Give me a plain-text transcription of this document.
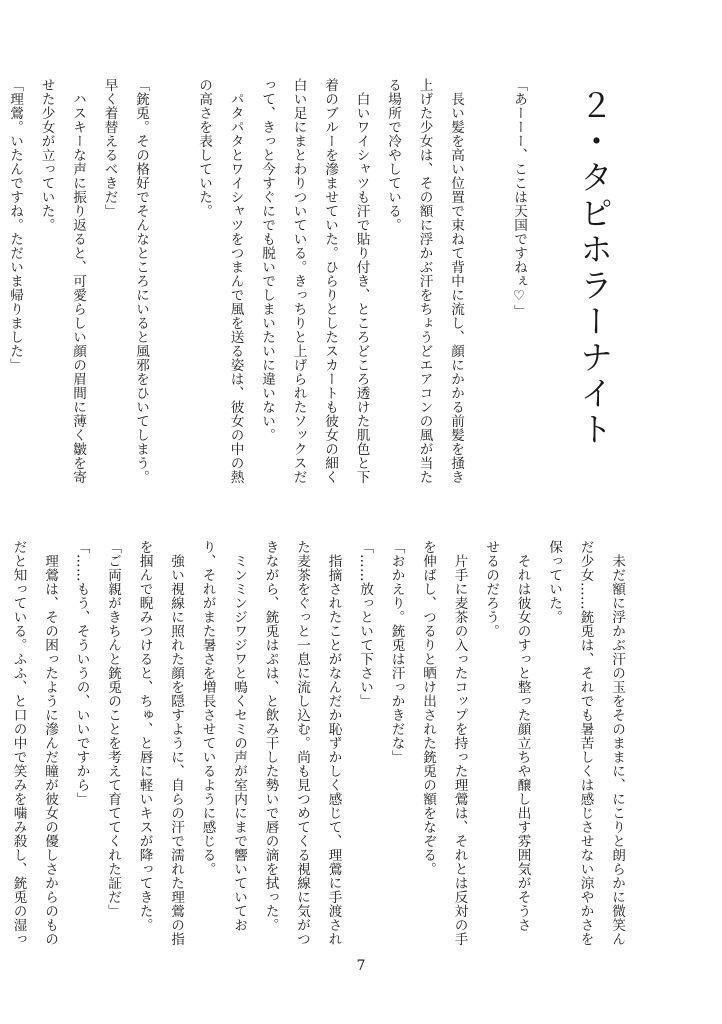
２・タピホラーナイト

「あーーー、ここは天国ですねぇ♡」

　長い髪を高い位置で束ねて背中に流し、顔にかかる前髪を掻き

上げた少女は、その額に浮かぶ汗をちょうどエアコンの風が当た

る場所で冷やしている。

　白いワイシャツも汗で貼り付き、ところどころ透けた肌色と下

着のブルーを滲ませていた。ひらりとしたスカートも彼女の細く

白い足にまとわりついている。きっちりと上げられたソックスだ

って、きっと今すぐにでも脱いでしまいたいに違いない。

　パタパタとワイシャツをつまんで風を送る姿は、彼女の中の熱

の高さを表していた。

「銃兎。その格好でそんなところにいると風邪をひいてしまう。

早く着替えるべきだ」

　ハスキーな声に振り返ると、可愛らしい顔の眉間に薄く皺を寄

せた少女が立っていた。

「理鶯。いたんですね。ただいま帰りました」

　未だ額に浮かぶ汗の玉をそのままに、にこりと朗らかに微笑ん

だ少女……銃兎は、それでも暑苦しくは感じさせない涼やかさを

保っていた。

　それは彼女のすっと整った顔立ちや醸し出す雰囲気がそうさ

せるのだろう。

　片手に麦茶の入ったコップを持った理鶯は、それとは反対の手

を伸ばし、つるりと晒け出された銃兎の額をなぞる。

「おかえり。銃兎は汗っかきだな」

「……放っといて下さい」

　指摘されたことがなんだか恥ずかしく感じて、理鶯に手渡され

た麦茶をぐっと一息に流し込む。尚も見つめてくる視線に気がつ

きながら、銃兎はぷは、と飲み干した勢いで唇の滴を拭った。

　ミンミンジワジワと鳴くセミの声が室内にまで響いていてお

り、それがまた暑さを増長させているように感じる。

　強い視線に照れた顔を隠すように、自らの汗で濡れた理鶯の指

を掴んで睨みつけると、ちゅ、と唇に軽いキスが降ってきた。

「ご両親がきちんと銃兎のことを考えて育ててくれた証だ」

「……もう、そういうの、いいですから」

　理鶯は、その困ったように滲んだ瞳が彼女の優しさからのもの

だと知っている。ふふ、と口の中で笑みを噛み殺し、銃兎の湿っ

7
